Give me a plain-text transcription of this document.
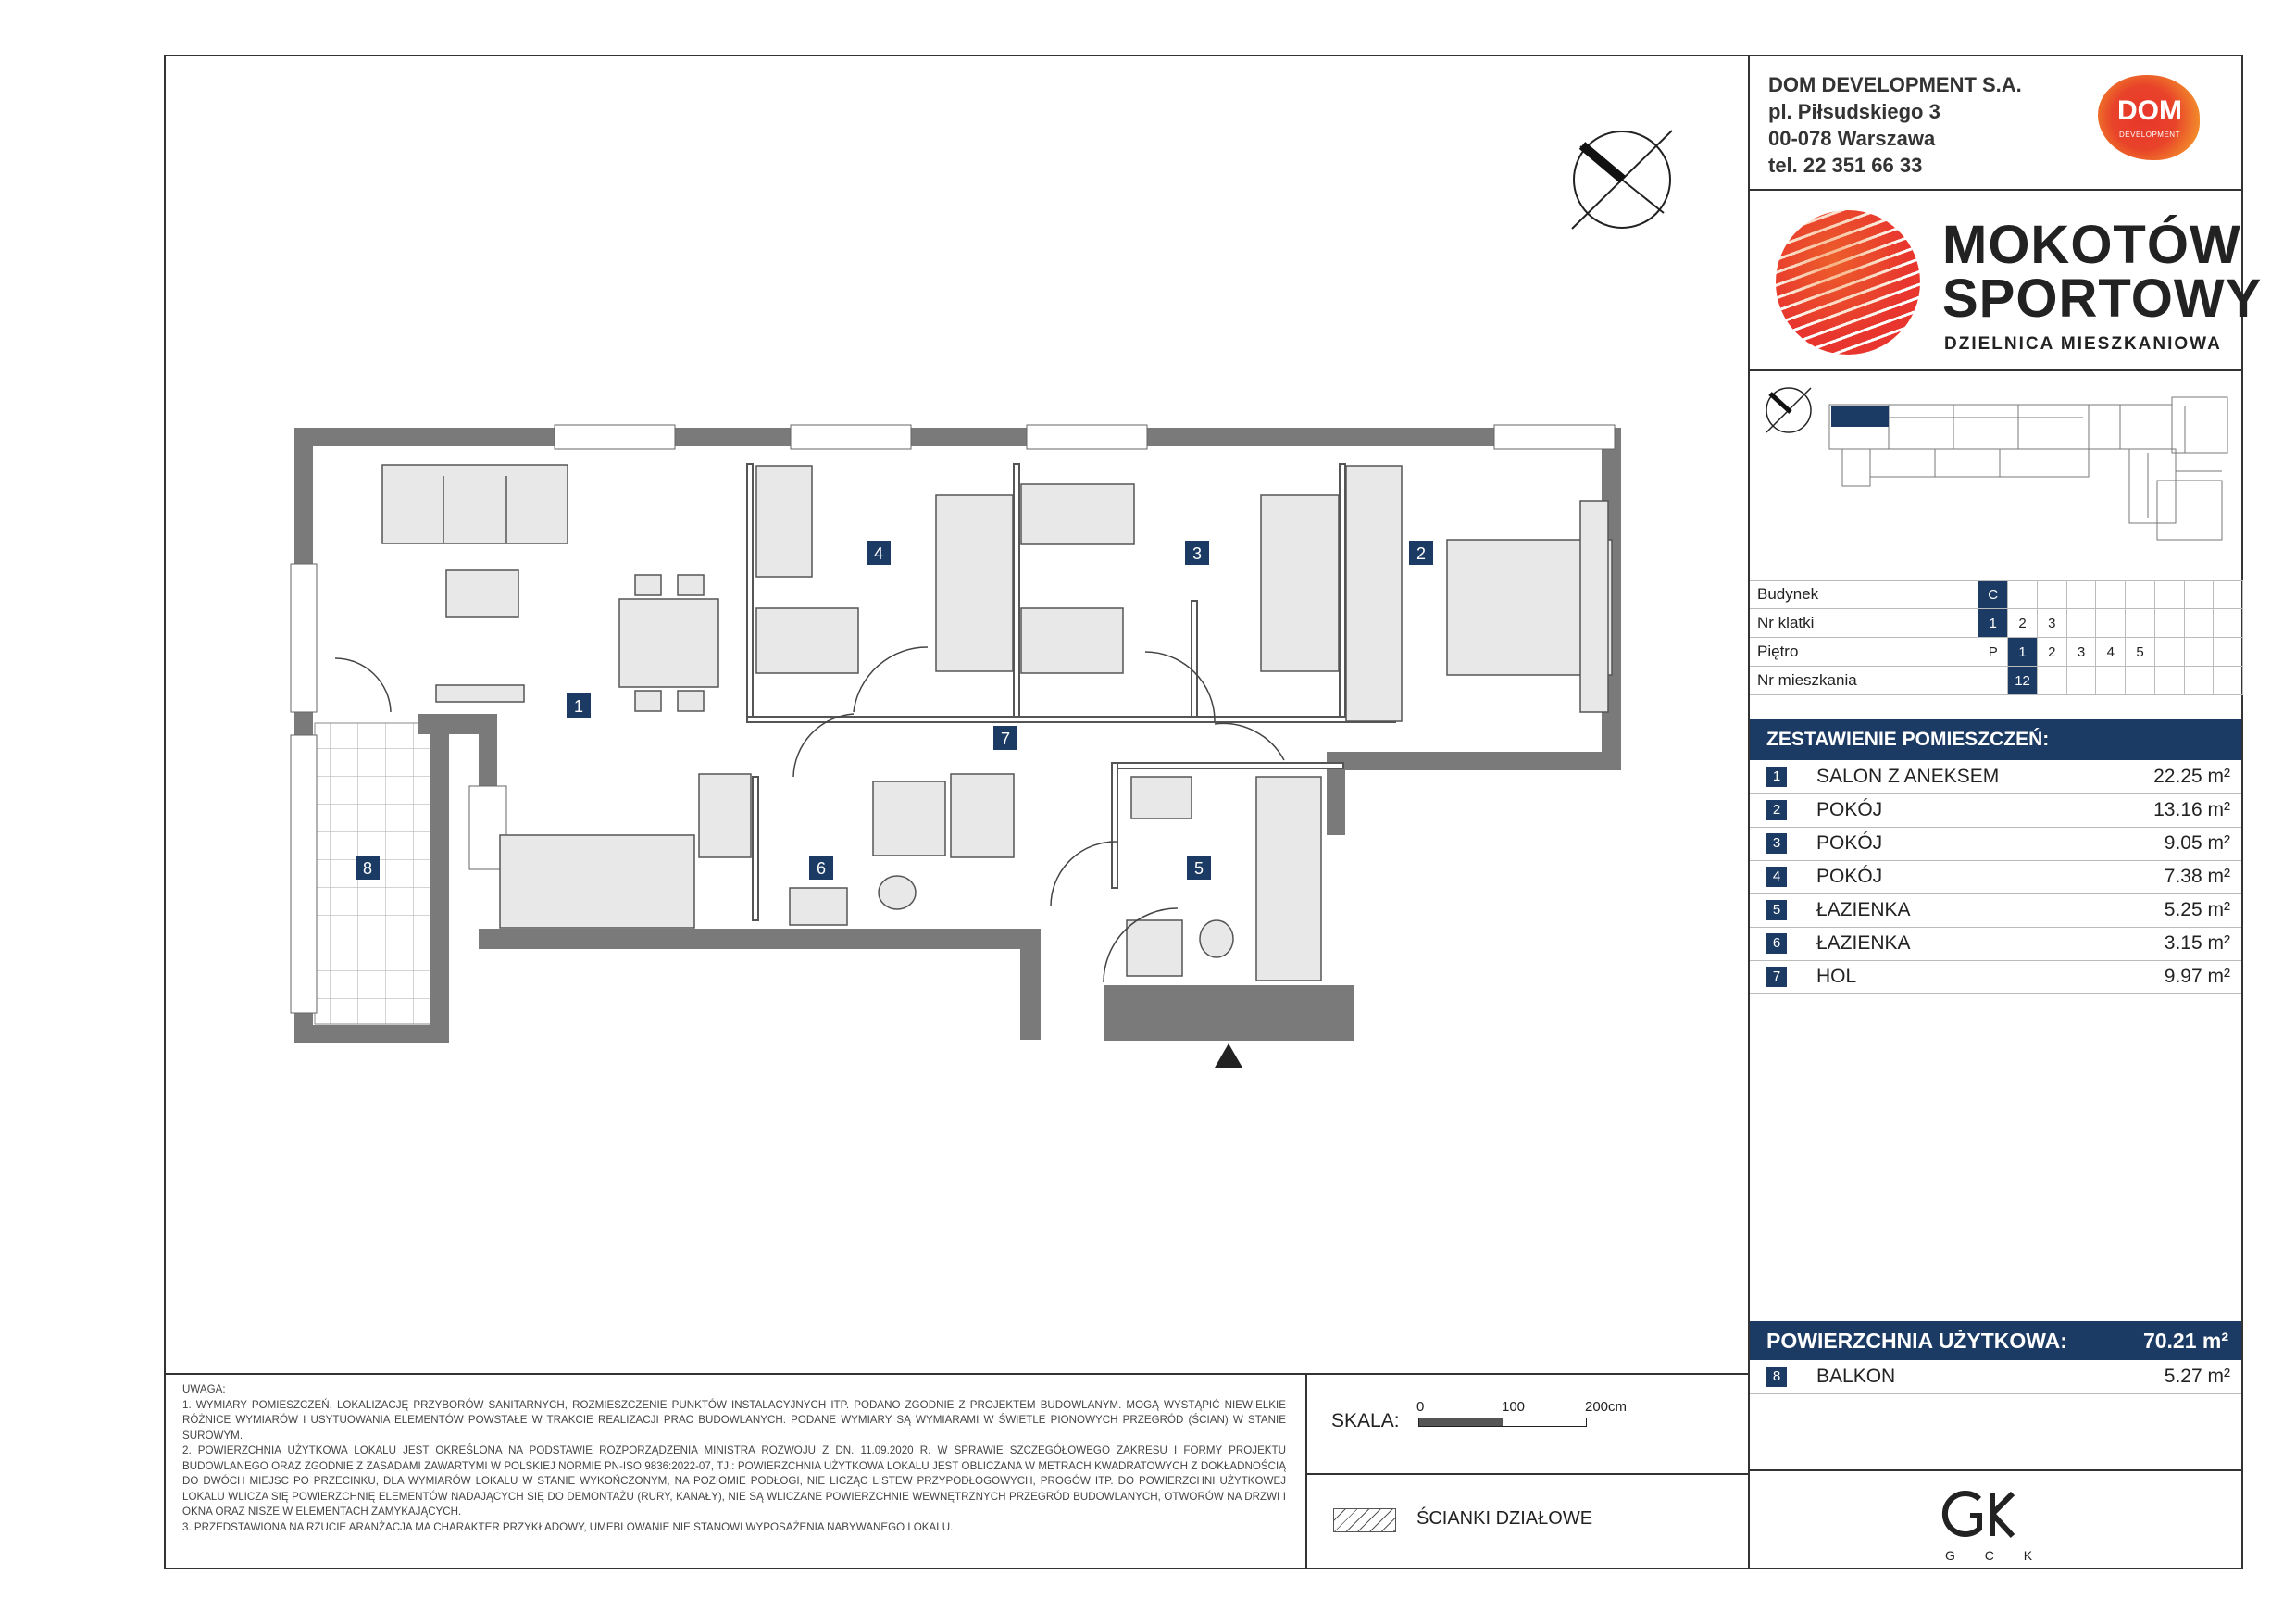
1
2
3
4
5
6
7
8
DOM DEVELOPMENT S.A.
pl. Piłsudskiego 3
00-078 Warszawa
tel. 22 351 66 33
DOM
DEVELOPMENT
MOKOTÓW
SPORTOWY
DZIELNICA MIESZKANIOWA
Budynek	C								
Nr klatki	1	2	3						
Piętro	P	1	2	3	4	5			
Nr mieszkania		12							
ZESTAWIENIE POMIESZCZEŃ:
1	SALON Z ANEKSEM	22.25 m²
2	POKÓJ	13.16 m²
3	POKÓJ	9.05 m²
4	POKÓJ	7.38 m²
5	ŁAZIENKA	5.25 m²
6	ŁAZIENKA	3.15 m²
7	HOL	9.97 m²
POWIERZCHNIA UŻYTKOWA:	70.21 m²
8	BALKON	5.27 m²
G C K
UWAGA:
1. WYMIARY POMIESZCZEŃ, LOKALIZACJĘ PRZYBORÓW SANITARNYCH, ROZMIESZCZENIE PUNKTÓW INSTALACYJNYCH ITP. PODANO ZGODNIE Z PROJEKTEM BUDOWLANYM. MOGĄ WYSTĄPIĆ NIEWIELKIE RÓŻNICE WYMIARÓW I USYTUOWANIA ELEMENTÓW POWSTAŁE W TRAKCIE REALIZACJI PRAC BUDOWLANYCH. PODANE WYMIARY SĄ WYMIARAMI W ŚWIETLE PIONOWYCH PRZEGRÓD (ŚCIAN) W STANIE SUROWYM.
2. POWIERZCHNIA UŻYTKOWA LOKALU JEST OKREŚLONA NA PODSTAWIE ROZPORZĄDZENIA MINISTRA ROZWOJU Z DN. 11.09.2020 R. W SPRAWIE SZCZEGÓŁOWEGO ZAKRESU I FORMY PROJEKTU BUDOWLANEGO ORAZ ZGODNIE Z ZASADAMI ZAWARTYMI W POLSKIEJ NORMIE PN-ISO 9836:2022-07, TJ.: POWIERZCHNIA UŻYTKOWA LOKALU JEST OBLICZANA W METRACH KWADRATOWYCH Z DOKŁADNOŚCIĄ DO DWÓCH MIEJSC PO PRZECINKU, DLA WYMIARÓW LOKALU W STANIE WYKOŃCZONYM, NA POZIOMIE PODŁOGI, NIE LICZĄC LISTEW PRZYPODŁOGOWYCH, PROGÓW ITP. DO POWIERZCHNI UŻYTKOWEJ LOKALU WLICZA SIĘ POWIERZCHNIĘ ELEMENTÓW NADAJĄCYCH SIĘ DO DEMONTAŻU (RURY, KANAŁY), NIE SĄ WLICZANE POWIERZCHNIE WEWNĘTRZNYCH PRZEGRÓD BUDOWLANYCH, OTWORÓW NA DRZWI I OKNA ORAZ NISZE W ELEMENTACH ZAMYKAJĄCYCH.
3. PRZEDSTAWIONA NA RZUCIE ARANŻACJA MA CHARAKTER PRZYKŁADOWY, UMEBLOWANIE NIE STANOWI WYPOSAŻENIA NABYWANEGO LOKALU.
SKALA:
0	100	200cm
ŚCIANKI DZIAŁOWE
